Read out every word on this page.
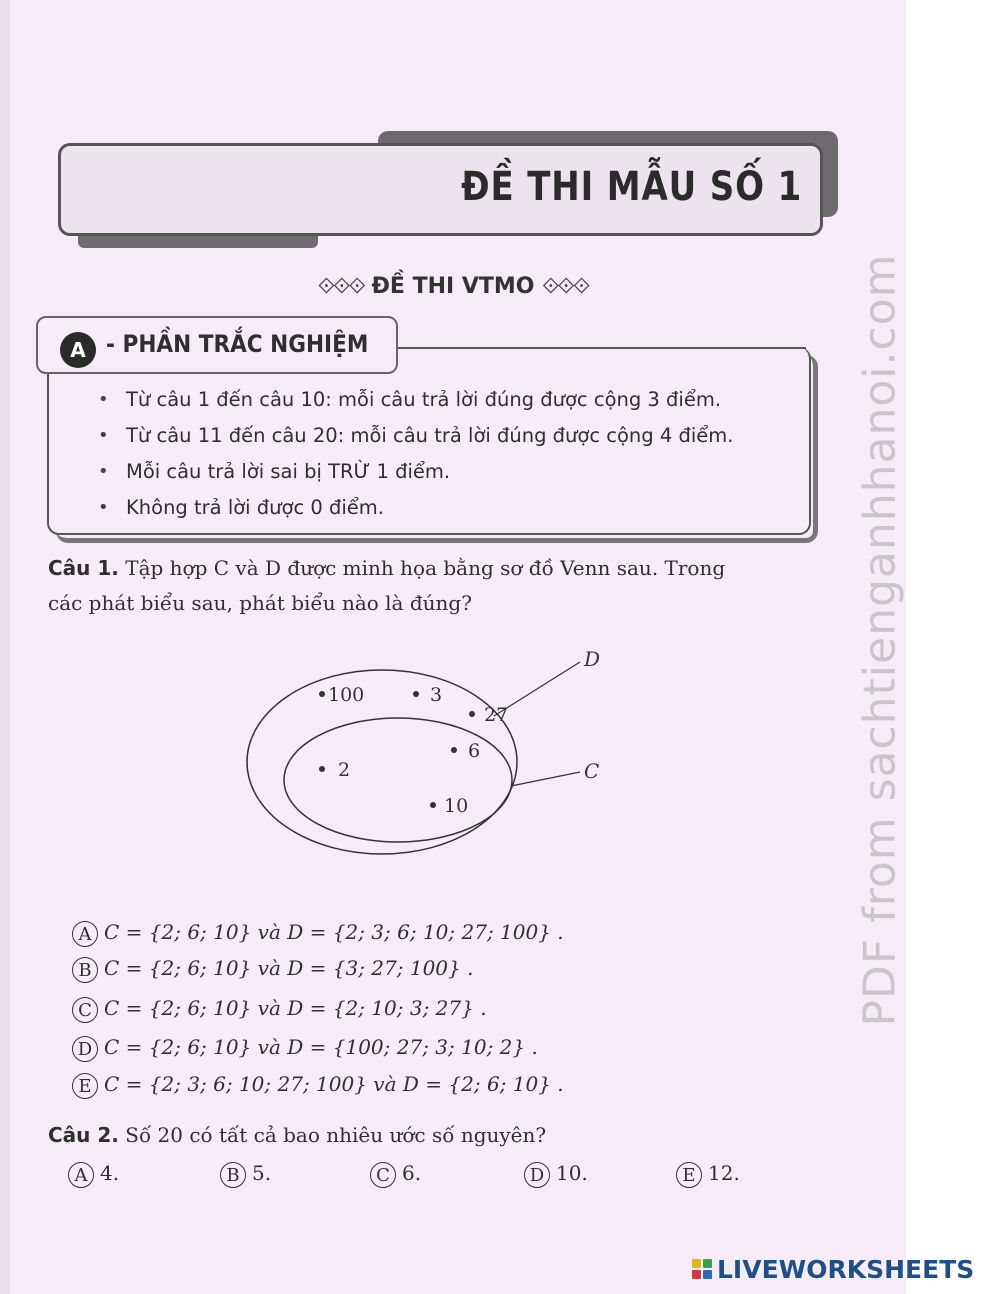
ĐỀ THI MẪU SỐ 1
⟐⟐⟐ ĐỀ THI VTMO ⟐⟐⟐
A - PHẦN TRẮC NGHIỆM
• Từ câu 1 đến câu 10: mỗi câu trả lời đúng được cộng 3 điểm.
• Từ câu 11 đến câu 20: mỗi câu trả lời đúng được cộng 4 điểm.
• Mỗi câu trả lời sai bị TRỪ 1 điểm.
• Không trả lời được 0 điểm.
Câu 1. Tập hợp C và D được minh họa bằng sơ đồ Venn sau. Trong
các phát biểu sau, phát biểu nào là đúng?
D
C
100	3
27
2
6
10
A C = {2; 6; 10} và D = {2; 3; 6; 10; 27; 100} .
B C = {2; 6; 10} và D = {3; 27; 100} .
C C = {2; 6; 10} và D = {2; 10; 3; 27} .
D C = {2; 6; 10} và D = {100; 27; 3; 10; 2} .
E C = {2; 3; 6; 10; 27; 100} và D = {2; 6; 10} .
Câu 2. Số 20 có tất cả bao nhiêu ước số nguyên?
A 4.	B 5.	C 6.	D 10.	E 12.
PDF from sachtienganhhanoi.com
LIVEWORKSHEETS
